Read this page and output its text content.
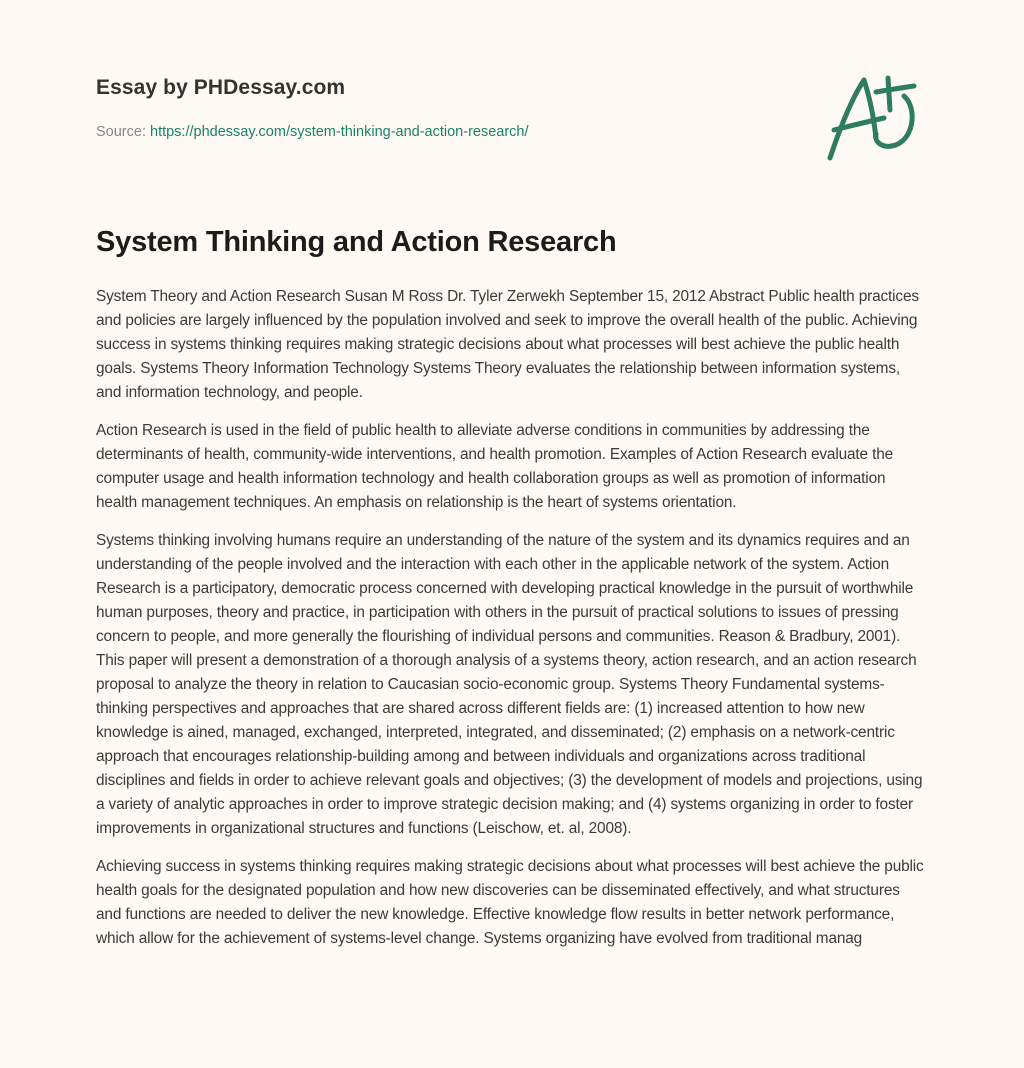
Essay by PHDessay.com
Source: https://phdessay.com/system-thinking-and-action-research/
System Thinking and Action Research

System Theory and Action Research Susan M Ross Dr. Tyler Zerwekh September 15, 2012 Abstract Public health practices and policies are largely influenced by the population involved and seek to improve the overall health of the public. Achieving success in systems thinking requires making strategic decisions about what processes will best achieve the public health goals. Systems Theory Information Technology Systems Theory evaluates the relationship between information systems, and information technology, and people.

Action Research is used in the field of public health to alleviate adverse conditions in communities by addressing the determinants of health, community-wide interventions, and health promotion. Examples of Action Research evaluate the computer usage and health information technology and health collaboration groups as well as promotion of information health management techniques. An emphasis on relationship is the heart of systems orientation.

Systems thinking involving humans require an understanding of the nature of the system and its dynamics requires and an understanding of the people involved and the interaction with each other in the applicable network of the system. Action Research is a participatory, democratic process concerned with developing practical knowledge in the pursuit of worthwhile human purposes, theory and practice, in participation with others in the pursuit of practical solutions to issues of pressing concern to people, and more generally the flourishing of individual persons and communities. Reason & Bradbury, 2001). This paper will present a demonstration of a thorough analysis of a systems theory, action research, and an action research proposal to analyze the theory in relation to Caucasian socio-economic group. Systems Theory Fundamental systems-thinking perspectives and approaches that are shared across different fields are: (1) increased attention to how new knowledge is ained, managed, exchanged, interpreted, integrated, and disseminated; (2) emphasis on a network-centric approach that encourages relationship-building among and between individuals and organizations across traditional disciplines and fields in order to achieve relevant goals and objectives; (3) the development of models and projections, using a variety of analytic approaches in order to improve strategic decision making; and (4) systems organizing in order to foster improvements in organizational structures and functions (Leischow, et. al, 2008).

Achieving success in systems thinking requires making strategic decisions about what processes will best achieve the public health goals for the designated population and how new discoveries can be disseminated effectively, and what structures and functions are needed to deliver the new knowledge. Effective knowledge flow results in better network performance, which allow for the achievement of systems-level change. Systems organizing have evolved from traditional manag
